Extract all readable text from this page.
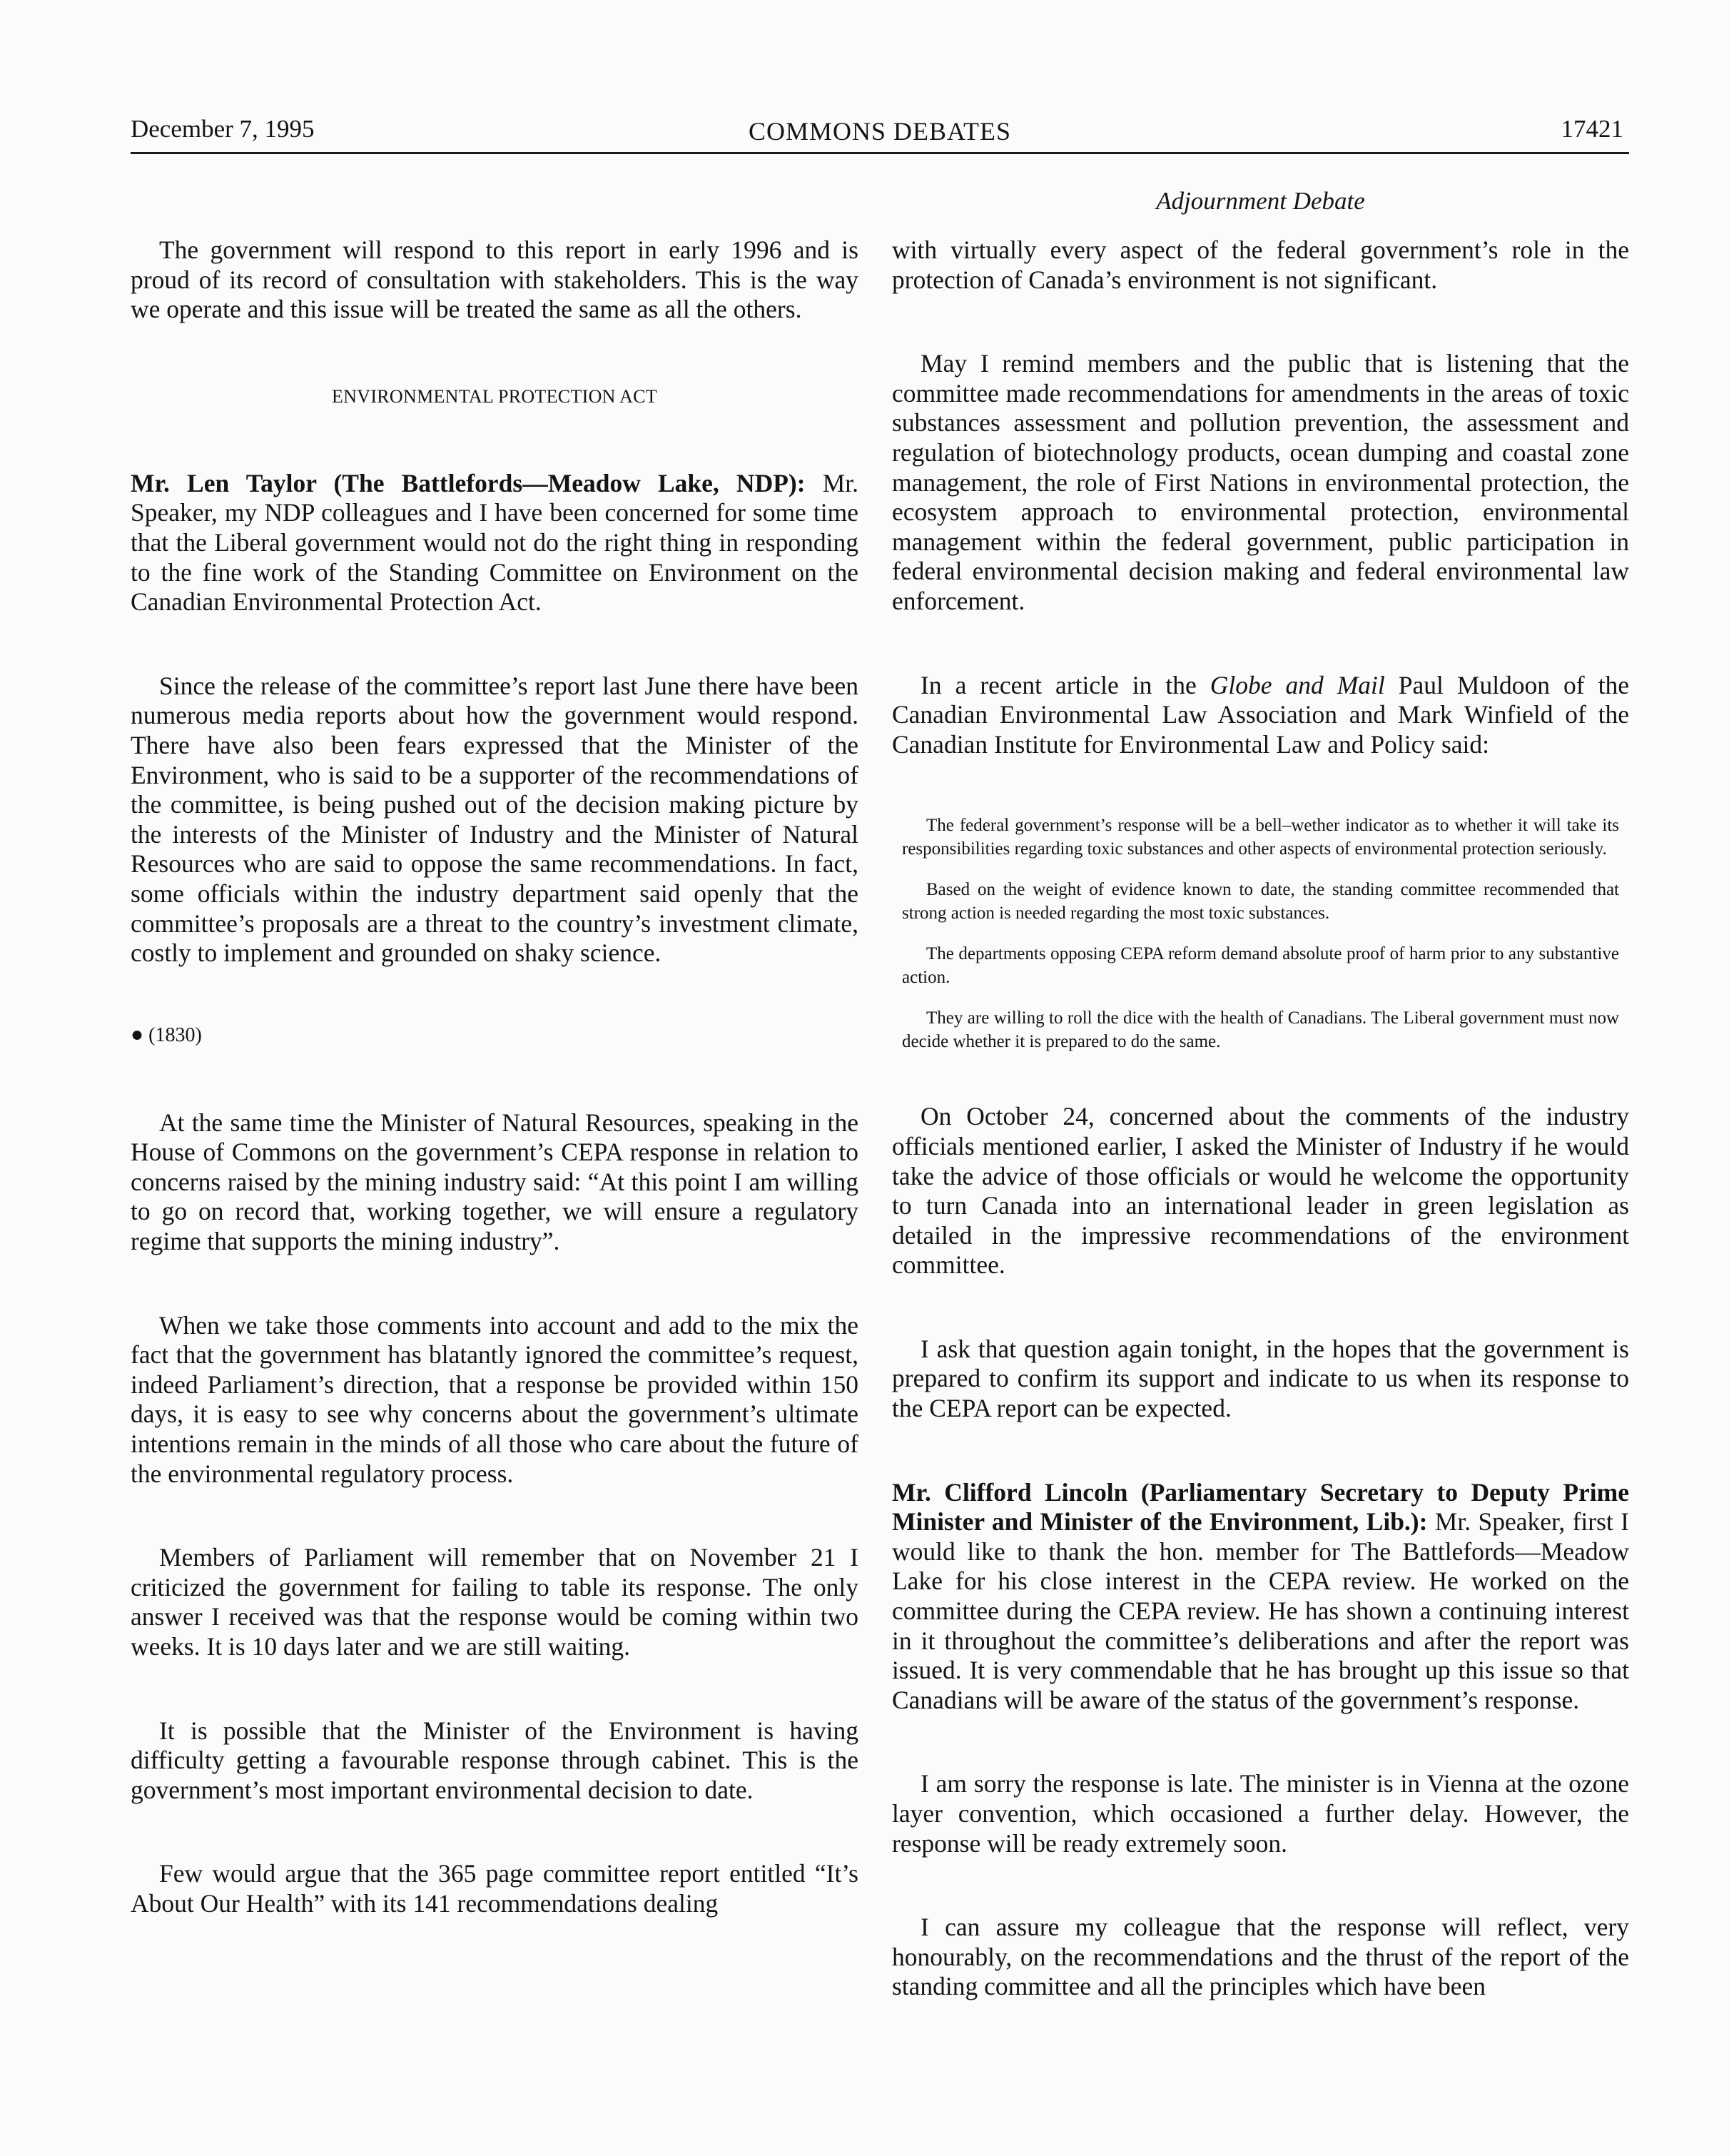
December 7, 1995	COMMONS DEBATES	17421
Adjournment Debate

The government will respond to this report in early 1996 and is proud of its record of consultation with stakeholders. This is the way we operate and this issue will be treated the same as all the others.

ENVIRONMENTAL PROTECTION ACT

Mr. Len Taylor (The Battlefords—Meadow Lake, NDP): Mr. Speaker, my NDP colleagues and I have been concerned for some time that the Liberal government would not do the right thing in responding to the fine work of the Standing Committee on Environment on the Canadian Environmental Protection Act.

Since the release of the committee’s report last June there have been numerous media reports about how the government would respond. There have also been fears expressed that the Minister of the Environment, who is said to be a supporter of the recommendations of the committee, is being pushed out of the decision making picture by the interests of the Minister of Industry and the Minister of Natural Resources who are said to oppose the same recommendations. In fact, some officials within the industry department said openly that the committee’s proposals are a threat to the country’s investment climate, costly to implement and grounded on shaky science.

● (1830)

At the same time the Minister of Natural Resources, speaking in the House of Commons on the government’s CEPA response in relation to concerns raised by the mining industry said: “At this point I am willing to go on record that, working together, we will ensure a regulatory regime that supports the mining industry”.

When we take those comments into account and add to the mix the fact that the government has blatantly ignored the committee’s request, indeed Parliament’s direction, that a response be provided within 150 days, it is easy to see why concerns about the government’s ultimate intentions remain in the minds of all those who care about the future of the environmental regulatory process.

Members of Parliament will remember that on November 21 I criticized the government for failing to table its response. The only answer I received was that the response would be coming within two weeks. It is 10 days later and we are still waiting.

It is possible that the Minister of the Environment is having difficulty getting a favourable response through cabinet. This is the government’s most important environmental decision to date.

Few would argue that the 365 page committee report entitled “It’s About Our Health” with its 141 recommendations dealing

with virtually every aspect of the federal government’s role in the protection of Canada’s environment is not significant.

May I remind members and the public that is listening that the committee made recommendations for amendments in the areas of toxic substances assessment and pollution prevention, the assessment and regulation of biotechnology products, ocean dumping and coastal zone management, the role of First Nations in environmental protection, the ecosystem approach to environmental protection, environmental management within the federal government, public participation in federal environmental decision making and federal environmental law enforcement.

In a recent article in the Globe and Mail Paul Muldoon of the Canadian Environmental Law Association and Mark Winfield of the Canadian Institute for Environmental Law and Policy said:

The federal government’s response will be a bell–wether indicator as to whether it will take its responsibilities regarding toxic substances and other aspects of environmental protection seriously.

Based on the weight of evidence known to date, the standing committee recommended that strong action is needed regarding the most toxic substances.

The departments opposing CEPA reform demand absolute proof of harm prior to any substantive action.

They are willing to roll the dice with the health of Canadians. The Liberal government must now decide whether it is prepared to do the same.

On October 24, concerned about the comments of the industry officials mentioned earlier, I asked the Minister of Industry if he would take the advice of those officials or would he welcome the opportunity to turn Canada into an international leader in green legislation as detailed in the impressive recommendations of the environment committee.

I ask that question again tonight, in the hopes that the government is prepared to confirm its support and indicate to us when its response to the CEPA report can be expected.

Mr. Clifford Lincoln (Parliamentary Secretary to Deputy Prime Minister and Minister of the Environment, Lib.): Mr. Speaker, first I would like to thank the hon. member for The Battlefords—Meadow Lake for his close interest in the CEPA review. He worked on the committee during the CEPA review. He has shown a continuing interest in it throughout the committee’s deliberations and after the report was issued. It is very commendable that he has brought up this issue so that Canadians will be aware of the status of the government’s response.

I am sorry the response is late. The minister is in Vienna at the ozone layer convention, which occasioned a further delay. However, the response will be ready extremely soon.

I can assure my colleague that the response will reflect, very honourably, on the recommendations and the thrust of the report of the standing committee and all the principles which have been
